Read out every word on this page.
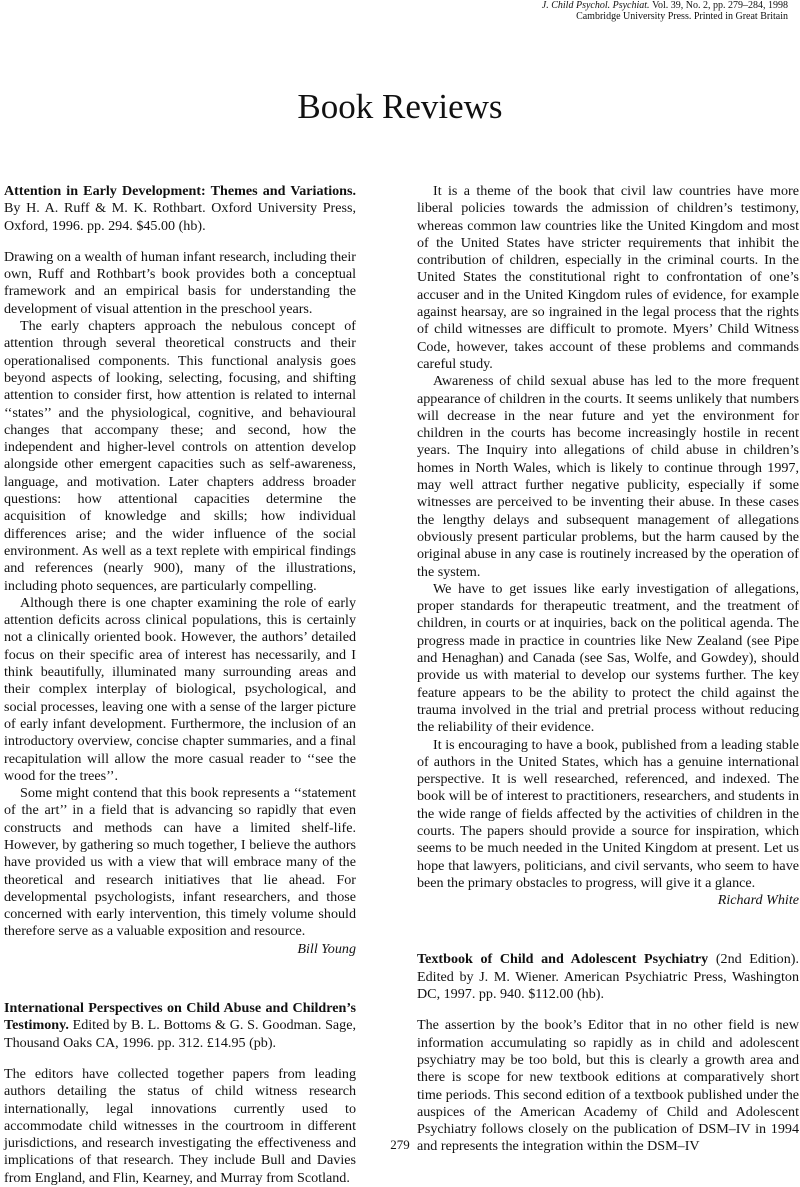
J. Child Psychol. Psychiat. Vol. 39, No. 2, pp. 279–284, 1998
Cambridge University Press. Printed in Great Britain
Book Reviews

Attention in Early Development: Themes and Variations. By H. A. Ruff & M. K. Rothbart. Oxford University Press, Oxford, 1996. pp. 294. $45.00 (hb).

Drawing on a wealth of human infant research, including their own, Ruff and Rothbart’s book provides both a conceptual framework and an empirical basis for understanding the development of visual attention in the preschool years.

The early chapters approach the nebulous concept of attention through several theoretical constructs and their operationalised components. This functional analysis goes beyond aspects of looking, selecting, focusing, and shifting attention to consider first, how attention is related to internal ‘‘states’’ and the physiological, cognitive, and behavioural changes that accompany these; and second, how the independent and higher-level controls on attention develop alongside other emergent capacities such as self-awareness, language, and motivation. Later chapters address broader questions: how attentional capacities determine the acquisition of knowledge and skills; how individual differences arise; and the wider influence of the social environment. As well as a text replete with empirical findings and references (nearly 900), many of the illustrations, including photo sequences, are particularly compelling.

Although there is one chapter examining the role of early attention deficits across clinical populations, this is certainly not a clinically oriented book. However, the authors’ detailed focus on their specific area of interest has necessarily, and I think beautifully, illuminated many surrounding areas and their complex interplay of biological, psychological, and social processes, leaving one with a sense of the larger picture of early infant development. Furthermore, the inclusion of an introductory overview, concise chapter summaries, and a final recapitulation will allow the more casual reader to ‘‘see the wood for the trees’’.

Some might contend that this book represents a ‘‘statement of the art’’ in a field that is advancing so rapidly that even constructs and methods can have a limited shelf-life. However, by gathering so much together, I believe the authors have provided us with a view that will embrace many of the theoretical and research initiatives that lie ahead. For developmental psychologists, infant researchers, and those concerned with early intervention, this timely volume should therefore serve as a valuable exposition and resource.

Bill Young

International Perspectives on Child Abuse and Children’s Testimony. Edited by B. L. Bottoms & G. S. Goodman. Sage, Thousand Oaks CA, 1996. pp. 312. £14.95 (pb).

The editors have collected together papers from leading authors detailing the status of child witness research internationally, legal innovations currently used to accommodate child witnesses in the courtroom in different jurisdictions, and research investigating the effectiveness and implications of that research. They include Bull and Davies from England, and Flin, Kearney, and Murray from Scotland.

It is a theme of the book that civil law countries have more liberal policies towards the admission of children’s testimony, whereas common law countries like the United Kingdom and most of the United States have stricter requirements that inhibit the contribution of children, especially in the criminal courts. In the United States the constitutional right to confrontation of one’s accuser and in the United Kingdom rules of evidence, for example against hearsay, are so ingrained in the legal process that the rights of child witnesses are difficult to promote. Myers’ Child Witness Code, however, takes account of these problems and commands careful study.

Awareness of child sexual abuse has led to the more frequent appearance of children in the courts. It seems unlikely that numbers will decrease in the near future and yet the environment for children in the courts has become increasingly hostile in recent years. The Inquiry into allegations of child abuse in children’s homes in North Wales, which is likely to continue through 1997, may well attract further negative publicity, especially if some witnesses are perceived to be inventing their abuse. In these cases the lengthy delays and subsequent management of allegations obviously present particular problems, but the harm caused by the original abuse in any case is routinely increased by the operation of the system.

We have to get issues like early investigation of allegations, proper standards for therapeutic treatment, and the treatment of children, in courts or at inquiries, back on the political agenda. The progress made in practice in countries like New Zealand (see Pipe and Henaghan) and Canada (see Sas, Wolfe, and Gowdey), should provide us with material to develop our systems further. The key feature appears to be the ability to protect the child against the trauma involved in the trial and pretrial process without reducing the reliability of their evidence.

It is encouraging to have a book, published from a leading stable of authors in the United States, which has a genuine international perspective. It is well researched, referenced, and indexed. The book will be of interest to practitioners, researchers, and students in the wide range of fields affected by the activities of children in the courts. The papers should provide a source for inspiration, which seems to be much needed in the United Kingdom at present. Let us hope that lawyers, politicians, and civil servants, who seem to have been the primary obstacles to progress, will give it a glance.

Richard White

Textbook of Child and Adolescent Psychiatry (2nd Edition). Edited by J. M. Wiener. American Psychiatric Press, Washington DC, 1997. pp. 940. $112.00 (hb).

The assertion by the book’s Editor that in no other field is new information accumulating so rapidly as in child and adolescent psychiatry may be too bold, but this is clearly a growth area and there is scope for new textbook editions at comparatively short time periods. This second edition of a textbook published under the auspices of the American Academy of Child and Adolescent Psychiatry follows closely on the publication of DSM–IV in 1994 and represents the integration within the DSM–IV

279
